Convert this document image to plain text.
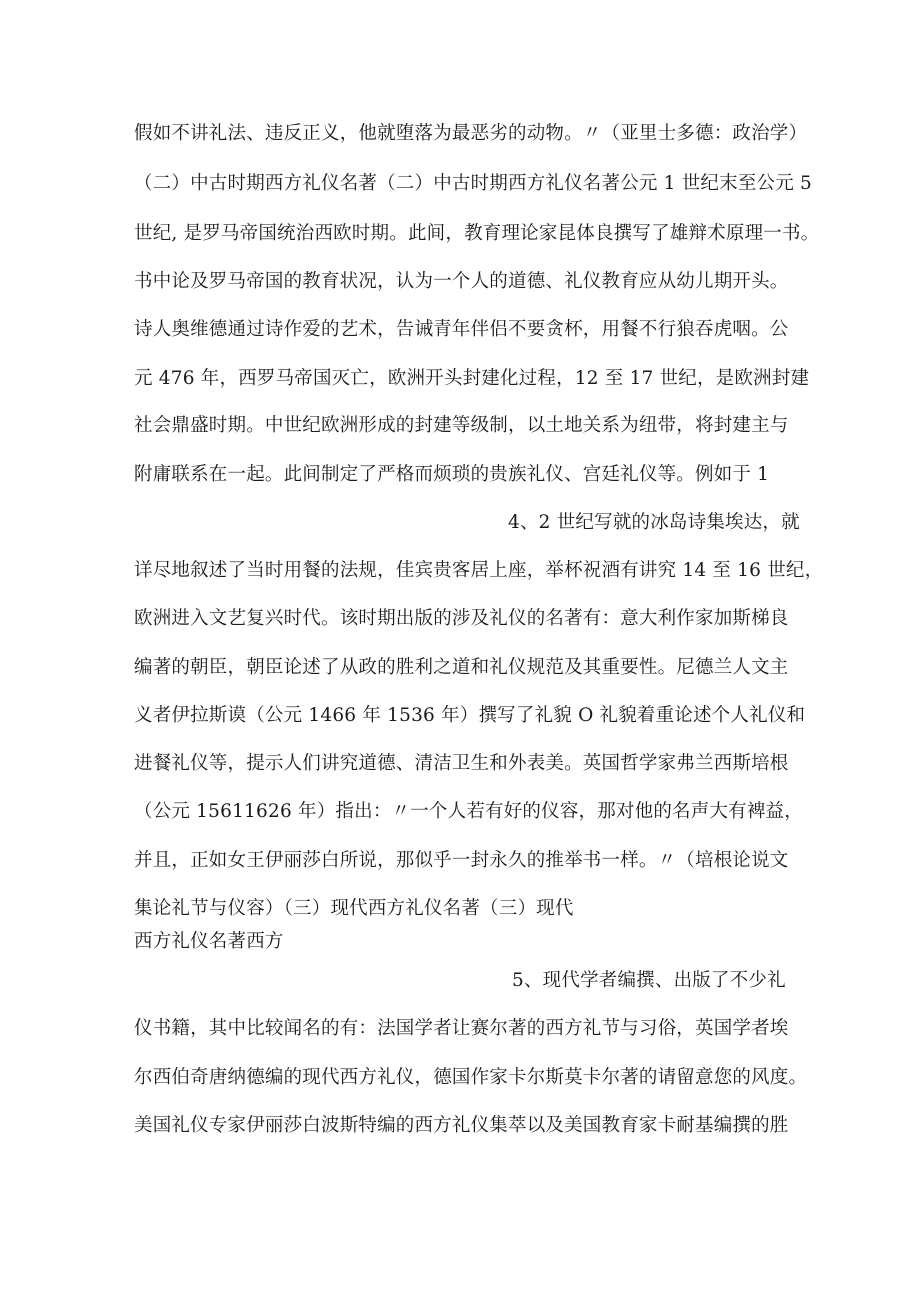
假如不讲礼法、违反正义，他就堕落为最恶劣的动物。〃（亚里士多德：政治学）
（二）中古时期西方礼仪名著（二）中古时期西方礼仪名著公元 1 世纪末至公元 5
世纪, 是罗马帝国统治西欧时期。此间，教育理论家昆体良撰写了雄辩术原理一书。
书中论及罗马帝国的教育状况，认为一个人的道德、礼仪教育应从幼儿期开头。
诗人奥维德通过诗作爱的艺术，告诫青年伴侣不要贪杯，用餐不行狼吞虎咽。公
元 476 年，西罗马帝国灭亡，欧洲开头封建化过程，12 至 17 世纪，是欧洲封建
社会鼎盛时期。中世纪欧洲形成的封建等级制，以土地关系为纽带，将封建主与
附庸联系在一起。此间制定了严格而烦琐的贵族礼仪、宫廷礼仪等。例如于 1
4、2 世纪写就的冰岛诗集埃达，就
详尽地叙述了当时用餐的法规，佳宾贵客居上座，举杯祝酒有讲究 14 至 16 世纪，
欧洲进入文艺复兴时代。该时期出版的涉及礼仪的名著有：意大利作家加斯梯良
编著的朝臣，朝臣论述了从政的胜利之道和礼仪规范及其重要性。尼德兰人文主
义者伊拉斯谟（公元 1466 年 1536 年）撰写了礼貌 O 礼貌着重论述个人礼仪和
进餐礼仪等，提示人们讲究道德、清洁卫生和外表美。英国哲学家弗兰西斯培根
（公元 15611626 年）指出：〃一个人若有好的仪容，那对他的名声大有裨益，
并且，正如女王伊丽莎白所说，那似乎一封永久的推举书一样。〃（培根论说文
集论礼节与仪容）（三）现代西方礼仪名著（三）现代
西方礼仪名著西方
5、现代学者编撰、出版了不少礼
仪书籍，其中比较闻名的有：法国学者让赛尔著的西方礼节与习俗，英国学者埃
尔西伯奇唐纳德编的现代西方礼仪，德国作家卡尔斯莫卡尔著的请留意您的风度。
美国礼仪专家伊丽莎白波斯特编的西方礼仪集萃以及美国教育家卡耐基编撰的胜
